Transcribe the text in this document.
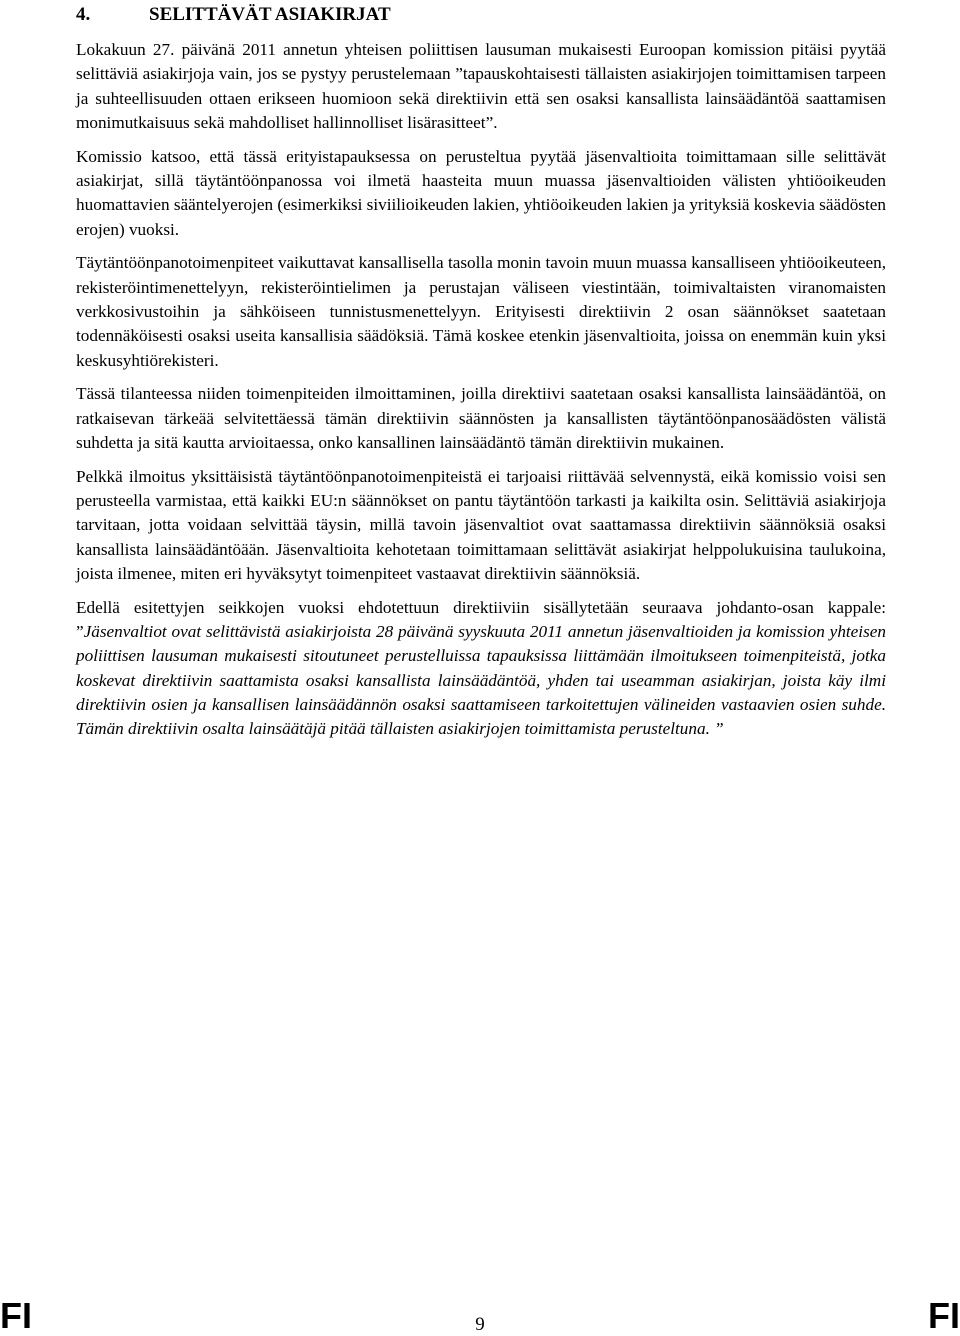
4.	SELITTÄVÄT ASIAKIRJAT

Lokakuun 27. päivänä 2011 annetun yhteisen poliittisen lausuman mukaisesti Euroopan komission pitäisi pyytää selittäviä asiakirjoja vain, jos se pystyy perustelemaan ”tapauskohtaisesti tällaisten asiakirjojen toimittamisen tarpeen ja suhteellisuuden ottaen erikseen huomioon sekä direktiivin että sen osaksi kansallista lainsäädäntöä saattamisen monimutkaisuus sekä mahdolliset hallinnolliset lisärasitteet”.

Komissio katsoo, että tässä erityistapauksessa on perusteltua pyytää jäsenvaltioita toimittamaan sille selittävät asiakirjat, sillä täytäntöönpanossa voi ilmetä haasteita muun muassa jäsenvaltioiden välisten yhtiöoikeuden huomattavien sääntelyerojen (esimerkiksi siviilioikeuden lakien, yhtiöoikeuden lakien ja yrityksiä koskevia säädösten erojen) vuoksi.

Täytäntöönpanotoimenpiteet vaikuttavat kansallisella tasolla monin tavoin muun muassa kansalliseen yhtiöoikeuteen, rekisteröintimenettelyyn, rekisteröintielimen ja perustajan väliseen viestintään, toimivaltaisten viranomaisten verkkosivustoihin ja sähköiseen tunnistusmenettelyyn. Erityisesti direktiivin 2 osan säännökset saatetaan todennäköisesti osaksi useita kansallisia säädöksiä. Tämä koskee etenkin jäsenvaltioita, joissa on enemmän kuin yksi keskusyhtiörekisteri.

Tässä tilanteessa niiden toimenpiteiden ilmoittaminen, joilla direktiivi saatetaan osaksi kansallista lainsäädäntöä, on ratkaisevan tärkeää selvitettäessä tämän direktiivin säännösten ja kansallisten täytäntöönpanosäädösten välistä suhdetta ja sitä kautta arvioitaessa, onko kansallinen lainsäädäntö tämän direktiivin mukainen.

Pelkkä ilmoitus yksittäisistä täytäntöönpanotoimenpiteistä ei tarjoaisi riittävää selvennystä, eikä komissio voisi sen perusteella varmistaa, että kaikki EU:n säännökset on pantu täytäntöön tarkasti ja kaikilta osin. Selittäviä asiakirjoja tarvitaan, jotta voidaan selvittää täysin, millä tavoin jäsenvaltiot ovat saattamassa direktiivin säännöksiä osaksi kansallista lainsäädäntöään. Jäsenvaltioita kehotetaan toimittamaan selittävät asiakirjat helppolukuisina taulukoina, joista ilmenee, miten eri hyväksytyt toimenpiteet vastaavat direktiivin säännöksiä.

Edellä esitettyjen seikkojen vuoksi ehdotettuun direktiiviin sisällytetään seuraava johdanto-osan kappale: ”Jäsenvaltiot ovat selittävistä asiakirjoista 28 päivänä syyskuuta 2011 annetun jäsenvaltioiden ja komission yhteisen poliittisen lausuman mukaisesti sitoutuneet perustelluissa tapauksissa liittämään ilmoitukseen toimenpiteistä, jotka koskevat direktiivin saattamista osaksi kansallista lainsäädäntöä, yhden tai useamman asiakirjan, joista käy ilmi direktiivin osien ja kansallisen lainsäädännön osaksi saattamiseen tarkoitettujen välineiden vastaavien osien suhde. Tämän direktiivin osalta lainsäätäjä pitää tällaisten asiakirjojen toimittamista perusteltuna. ”

FI	9	FI
